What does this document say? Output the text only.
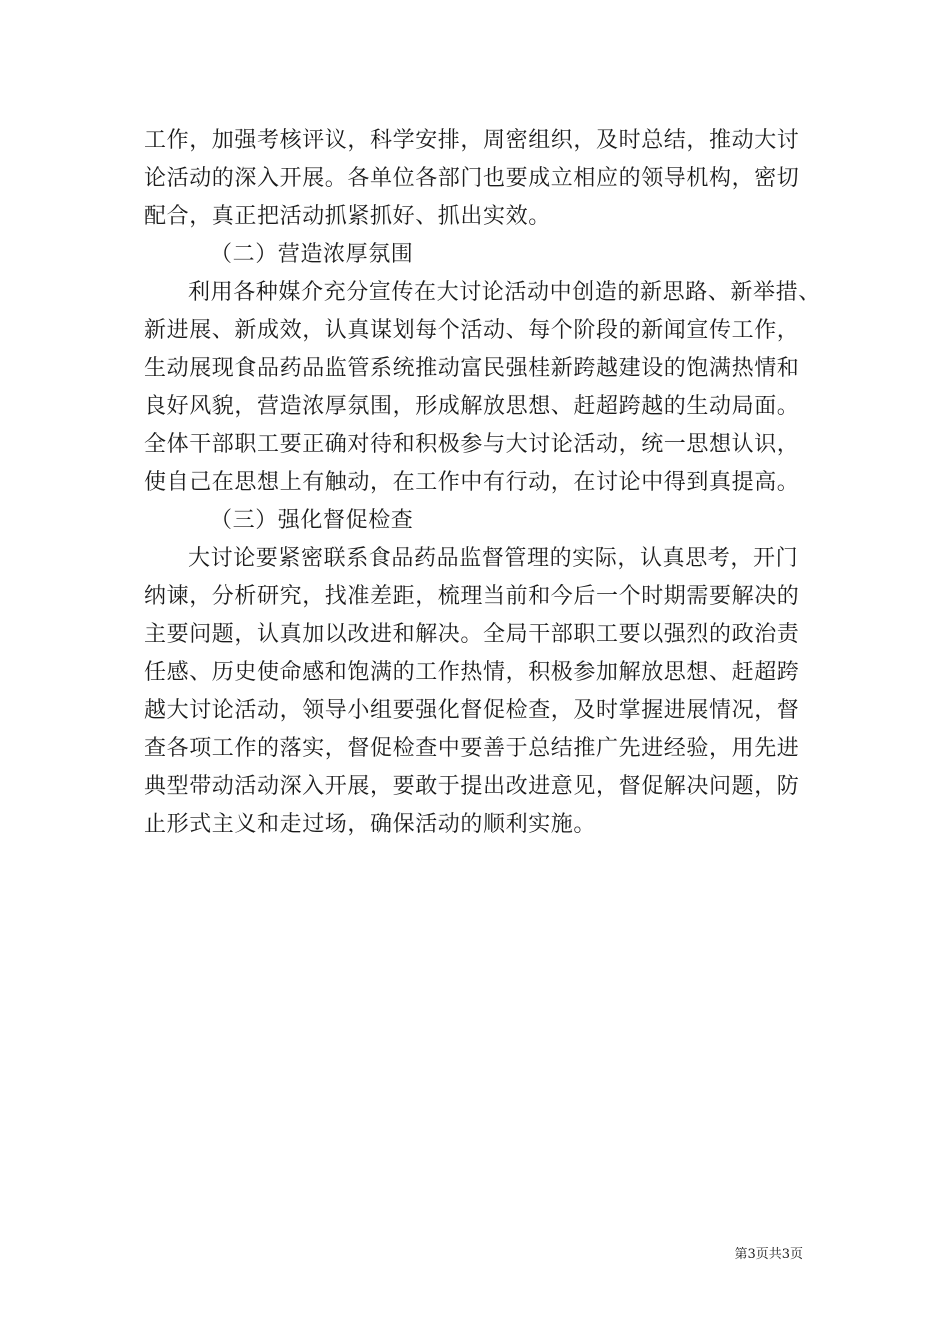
工作，加强考核评议，科学安排，周密组织，及时总结，推动大讨
论活动的深入开展。各单位各部门也要成立相应的领导机构，密切
配合，真正把活动抓紧抓好、抓出实效。
（二）营造浓厚氛围
利用各种媒介充分宣传在大讨论活动中创造的新思路、新举措、
新进展、新成效，认真谋划每个活动、每个阶段的新闻宣传工作，
生动展现食品药品监管系统推动富民强桂新跨越建设的饱满热情和
良好风貌，营造浓厚氛围，形成解放思想、赶超跨越的生动局面。
全体干部职工要正确对待和积极参与大讨论活动，统一思想认识，
使自己在思想上有触动，在工作中有行动，在讨论中得到真提高。
（三）强化督促检查
大讨论要紧密联系食品药品监督管理的实际，认真思考，开门
纳谏，分析研究，找准差距，梳理当前和今后一个时期需要解决的
主要问题，认真加以改进和解决。全局干部职工要以强烈的政治责
任感、历史使命感和饱满的工作热情，积极参加解放思想、赶超跨
越大讨论活动，领导小组要强化督促检查，及时掌握进展情况，督
查各项工作的落实，督促检查中要善于总结推广先进经验，用先进
典型带动活动深入开展，要敢于提出改进意见，督促解决问题，防
止形式主义和走过场，确保活动的顺利实施。
第3页共3页
